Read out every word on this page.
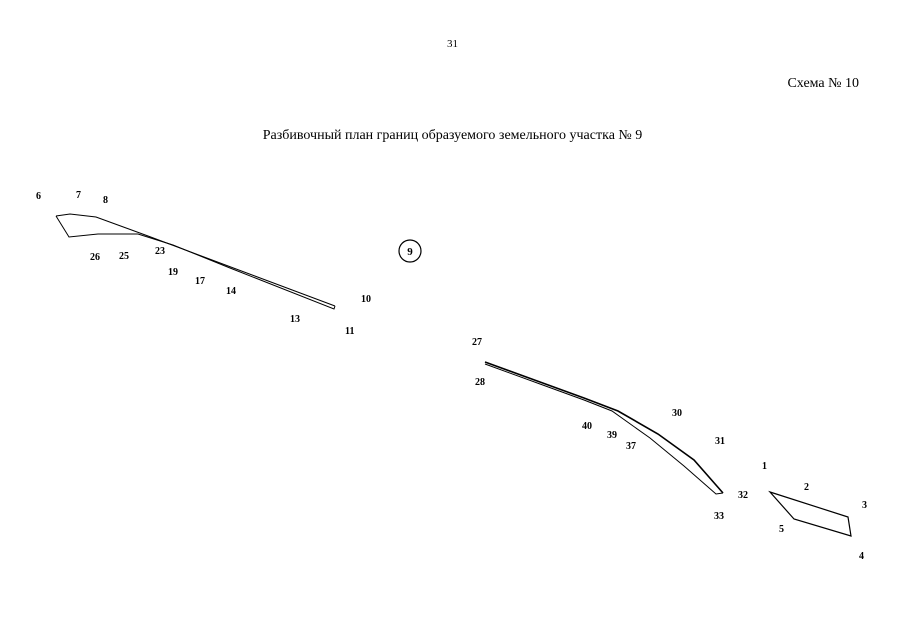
31
Схема № 10
Разбивочный план границ образуемого земельного участка № 9
9
6	7 8
26 25	23
19
17
14
13
10
11
27
28
30
40
39
37	31
1
2
32
3
33
5
4
